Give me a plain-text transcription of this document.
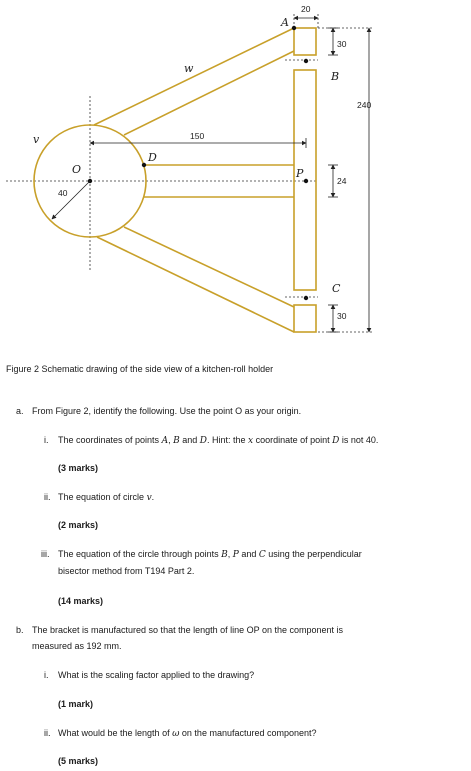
A
B
C
D
O	P
v
w
20
30
240
150
24
40
30
Figure 2 Schematic drawing of the side view of a kitchen-roll holder
a. From Figure 2, identify the following. Use the point O as your origin.
i. The coordinates of points A, B and D. Hint: the x coordinate of point D is not 40.
(3 marks)
ii. The equation of circle v.
(2 marks)
iii. The equation of the circle through points B, P and C using the perpendicular
bisector method from T194 Part 2.
(14 marks)
b. The bracket is manufactured so that the length of line OP on the component is
measured as 192 mm.
i. What is the scaling factor applied to the drawing?
(1 mark)
ii. What would be the length of ω on the manufactured component?
(5 marks)
